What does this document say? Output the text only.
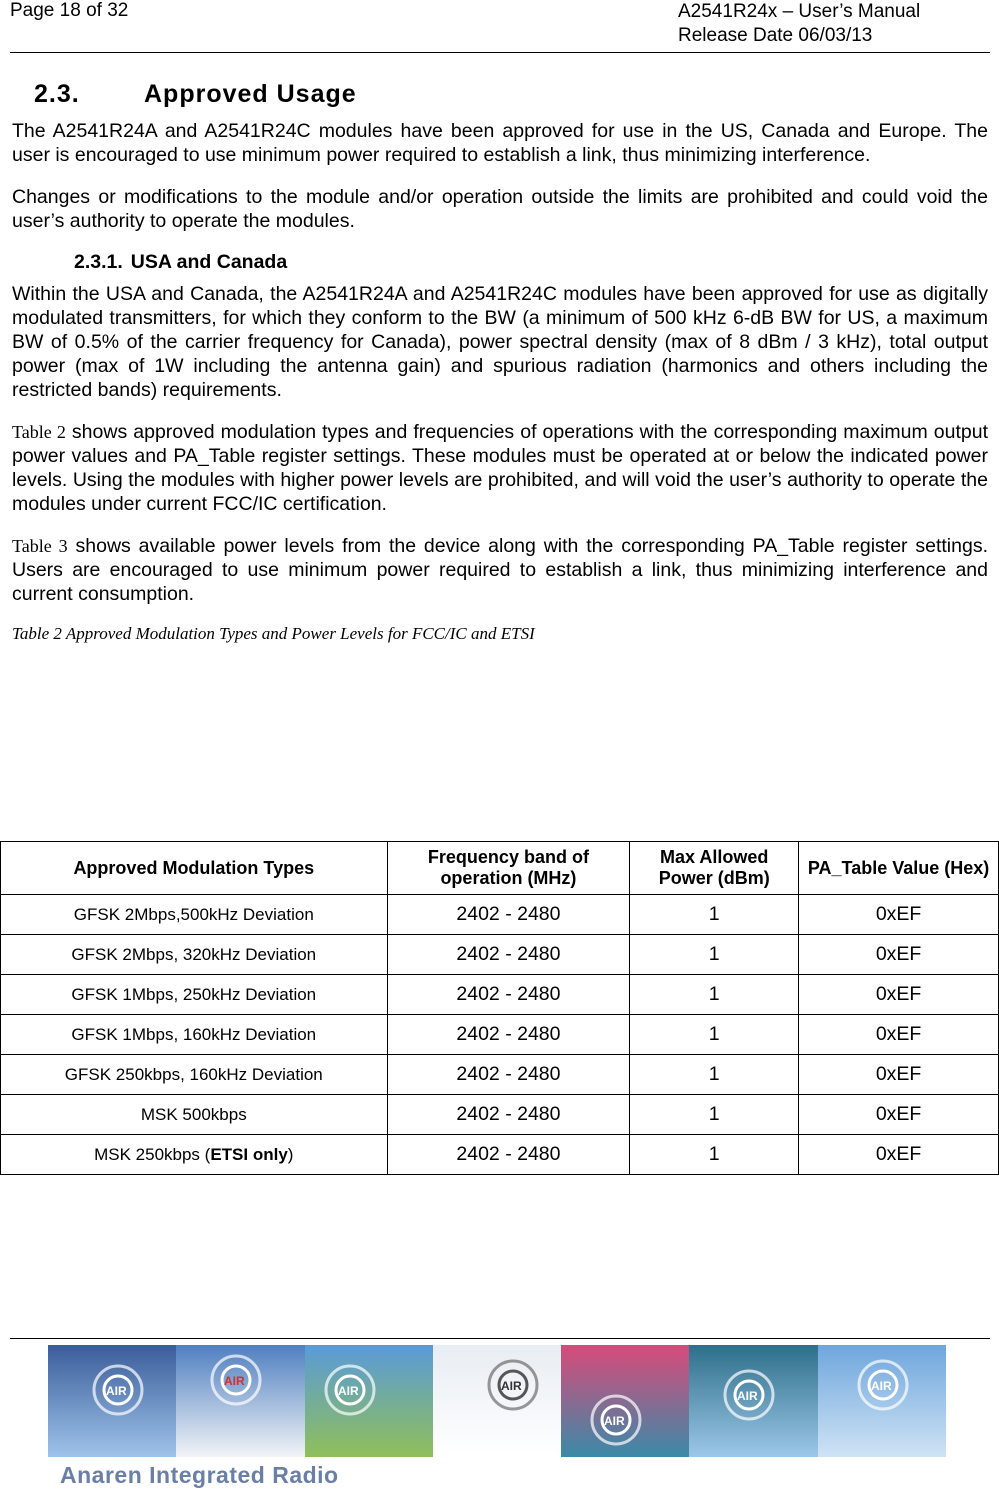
Page 18 of 32	A2541R24x – User’s Manual
Release Date 06/03/13
2.3.	Approved Usage

The A2541R24A and A2541R24C modules have been approved for use in the US, Canada and Europe. The user is encouraged to use minimum power required to establish a link, thus minimizing interference.

Changes or modifications to the module and/or operation outside the limits are prohibited and could void the user’s authority to operate the modules.

2.3.1. USA and Canada

Within the USA and Canada, the A2541R24A and A2541R24C modules have been approved for use as digitally modulated transmitters, for which they conform to the BW (a minimum of 500 kHz 6-dB BW for US, a maximum BW of 0.5% of the carrier frequency for Canada), power spectral density (max of 8 dBm / 3 kHz), total output power (max of 1W including the antenna gain) and spurious radiation (harmonics and others including the restricted bands) requirements.

Table 2 shows approved modulation types and frequencies of operations with the corresponding maximum output power values and PA_Table register settings. These modules must be operated at or below the indicated power levels. Using the modules with higher power levels are prohibited, and will void the user’s authority to operate the modules under current FCC/IC certification.

Table 3 shows available power levels from the device along with the corresponding PA_Table register settings. Users are encouraged to use minimum power required to establish a link, thus minimizing interference and current consumption.

Table 2 Approved Modulation Types and Power Levels for FCC/IC and ETSI
Approved Modulation Types	Frequency band of operation (MHz)	Max Allowed Power (dBm)	PA_Table Value (Hex)
GFSK 2Mbps,500kHz Deviation	2402 - 2480	1	0xEF
GFSK 2Mbps, 320kHz Deviation	2402 - 2480	1	0xEF
GFSK 1Mbps, 250kHz Deviation	2402 - 2480	1	0xEF
GFSK 1Mbps, 160kHz Deviation	2402 - 2480	1	0xEF
GFSK 250kbps, 160kHz Deviation	2402 - 2480	1	0xEF
MSK 500kbps	2402 - 2480	1	0xEF
MSK 250kbps (ETSI only)	2402 - 2480	1	0xEF
AIR
AIR
AIR	AIR
AIR
AIR
AIR
Anaren Integrated Radio
